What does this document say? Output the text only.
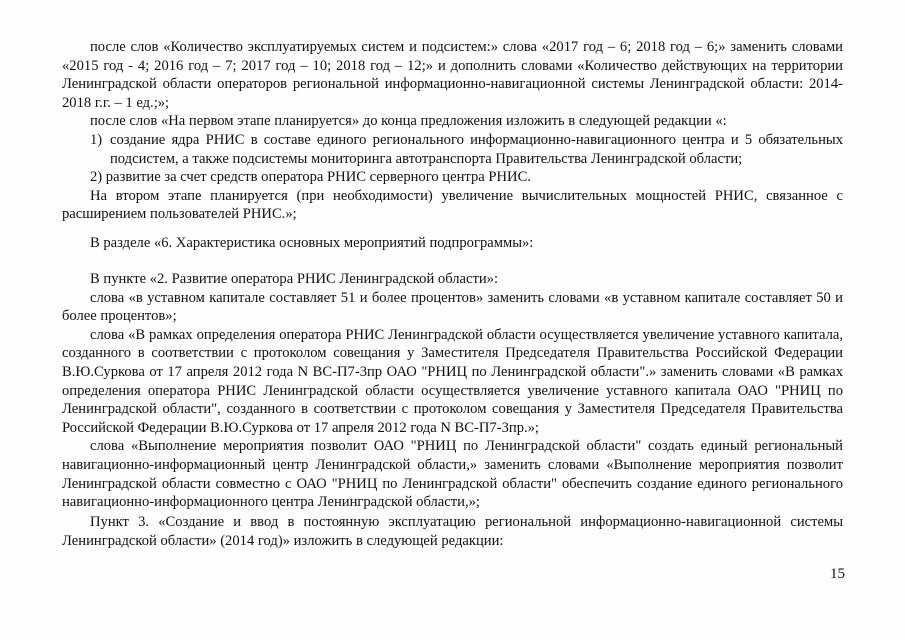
после слов «Количество эксплуатируемых систем и подсистем:» слова «2017 год – 6; 2018 год – 6;» заменить словами «2015 год - 4; 2016 год – 7; 2017 год – 10; 2018 год – 12;» и дополнить словами «Количество действующих на территории Ленинградской области операторов региональной информационно-навигационной системы Ленинградской области: 2014-2018 г.г. – 1 ед.;»;

после слов «На первом этапе планируется» до конца предложения изложить в следующей редакции «:

1) создание ядра РНИС в составе единого регионального информационно-навигационного центра и 5 обязательных подсистем, а также подсистемы мониторинга автотранспорта Правительства Ленинградской области;

2) развитие за счет средств оператора РНИС серверного центра РНИС.

На втором этапе планируется (при необходимости) увеличение вычислительных мощностей РНИС, связанное с расширением пользователей РНИС.»;

В разделе «6. Характеристика основных мероприятий подпрограммы»:

В пункте «2. Развитие оператора РНИС Ленинградской области»:

слова «в уставном капитале составляет 51 и более процентов» заменить словами «в уставном капитале составляет 50 и более процентов»;

слова «В рамках определения оператора РНИС Ленинградской области осуществляется увеличение уставного капитала, созданного в соответствии с протоколом совещания у Заместителя Председателя Правительства Российской Федерации В.Ю.Суркова от 17 апреля 2012 года N ВС-П7-3пр ОАО "РНИЦ по Ленинградской области".» заменить словами «В рамках определения оператора РНИС Ленинградской области осуществляется увеличение уставного капитала ОАО "РНИЦ по Ленинградской области", созданного в соответствии с протоколом совещания у Заместителя Председателя Правительства Российской Федерации В.Ю.Суркова от 17 апреля 2012 года N ВС-П7-3пр.»;

слова «Выполнение мероприятия позволит ОАО "РНИЦ по Ленинградской области" создать единый региональный навигационно-информационный центр Ленинградской области,» заменить словами «Выполнение мероприятия позволит Ленинградской области совместно с ОАО "РНИЦ по Ленинградской области" обеспечить создание единого регионального навигационно-информационного центра Ленинградской области,»;

Пункт 3. «Создание и ввод в постоянную эксплуатацию региональной информационно-навигационной системы Ленинградской области» (2014 год)» изложить в следующей редакции:

15
